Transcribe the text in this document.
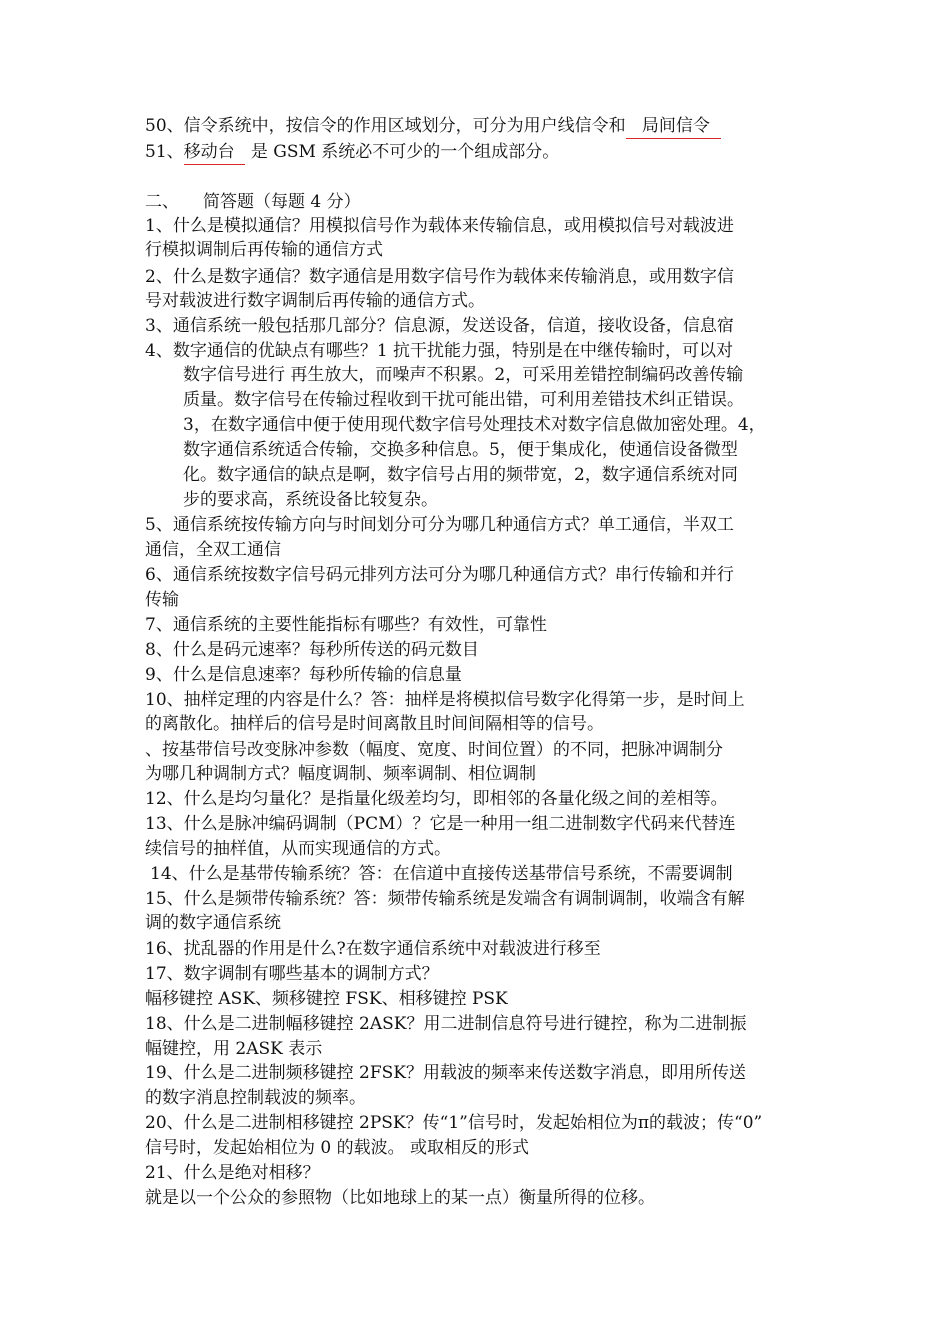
50、信令系统中，按信令的作用区域划分，可分为用户线信令和 局间信令
51、移动台 是 GSM 系统必不可少的一个组成部分。
二、 简答题（每题 4 分）
1、什么是模拟通信？用模拟信号作为载体来传输信息，或用模拟信号对载波进
行模拟调制后再传输的通信方式
2、什么是数字通信？数字通信是用数字信号作为载体来传输消息，或用数字信
号对载波进行数字调制后再传输的通信方式。
3、通信系统一般包括那几部分？信息源，发送设备，信道，接收设备，信息宿
4、数字通信的优缺点有哪些？1 抗干扰能力强，特别是在中继传输时，可以对
数字信号进行 再生放大，而噪声不积累。2，可采用差错控制编码改善传输
质量。数字信号在传输过程收到干扰可能出错，可利用差错技术纠正错误。
3，在数字通信中便于使用现代数字信号处理技术对数字信息做加密处理。4，
数字通信系统适合传输，交换多种信息。5，便于集成化，使通信设备微型
化。数字通信的缺点是啊，数字信号占用的频带宽，2，数字通信系统对同
步的要求高，系统设备比较复杂。
5、通信系统按传输方向与时间划分可分为哪几种通信方式？单工通信，半双工
通信，全双工通信
6、通信系统按数字信号码元排列方法可分为哪几种通信方式？串行传输和并行
传输
7、通信系统的主要性能指标有哪些？有效性，可靠性
8、什么是码元速率？每秒所传送的码元数目
9、什么是信息速率？每秒所传输的信息量
10、抽样定理的内容是什么？答：抽样是将模拟信号数字化得第一步，是时间上
的离散化。抽样后的信号是时间离散且时间间隔相等的信号。
、按基带信号改变脉冲参数（幅度、宽度、时间位置）的不同，把脉冲调制分
为哪几种调制方式？幅度调制、频率调制、相位调制
12、什么是均匀量化？是指量化级差均匀，即相邻的各量化级之间的差相等。
13、什么是脉冲编码调制（PCM）？它是一种用一组二进制数字代码来代替连
续信号的抽样值，从而实现通信的方式。
14、什么是基带传输系统？答：在信道中直接传送基带信号系统，不需要调制
15、什么是频带传输系统？答：频带传输系统是发端含有调制调制，收端含有解
调的数字通信系统
16、扰乱器的作用是什么?在数字通信系统中对载波进行移至
17、数字调制有哪些基本的调制方式？
幅移键控 ASK、频移键控 FSK、相移键控 PSK
18、什么是二进制幅移键控 2ASK？用二进制信息符号进行键控，称为二进制振
幅键控，用 2ASK 表示
19、什么是二进制频移键控 2FSK？用载波的频率来传送数字消息，即用所传送
的数字消息控制载波的频率。
20、什么是二进制相移键控 2PSK？传“1”信号时，发起始相位为π的载波；传“0”
信号时，发起始相位为 0 的载波。 或取相反的形式
21、什么是绝对相移？
就是以一个公众的参照物（比如地球上的某一点）衡量所得的位移。
